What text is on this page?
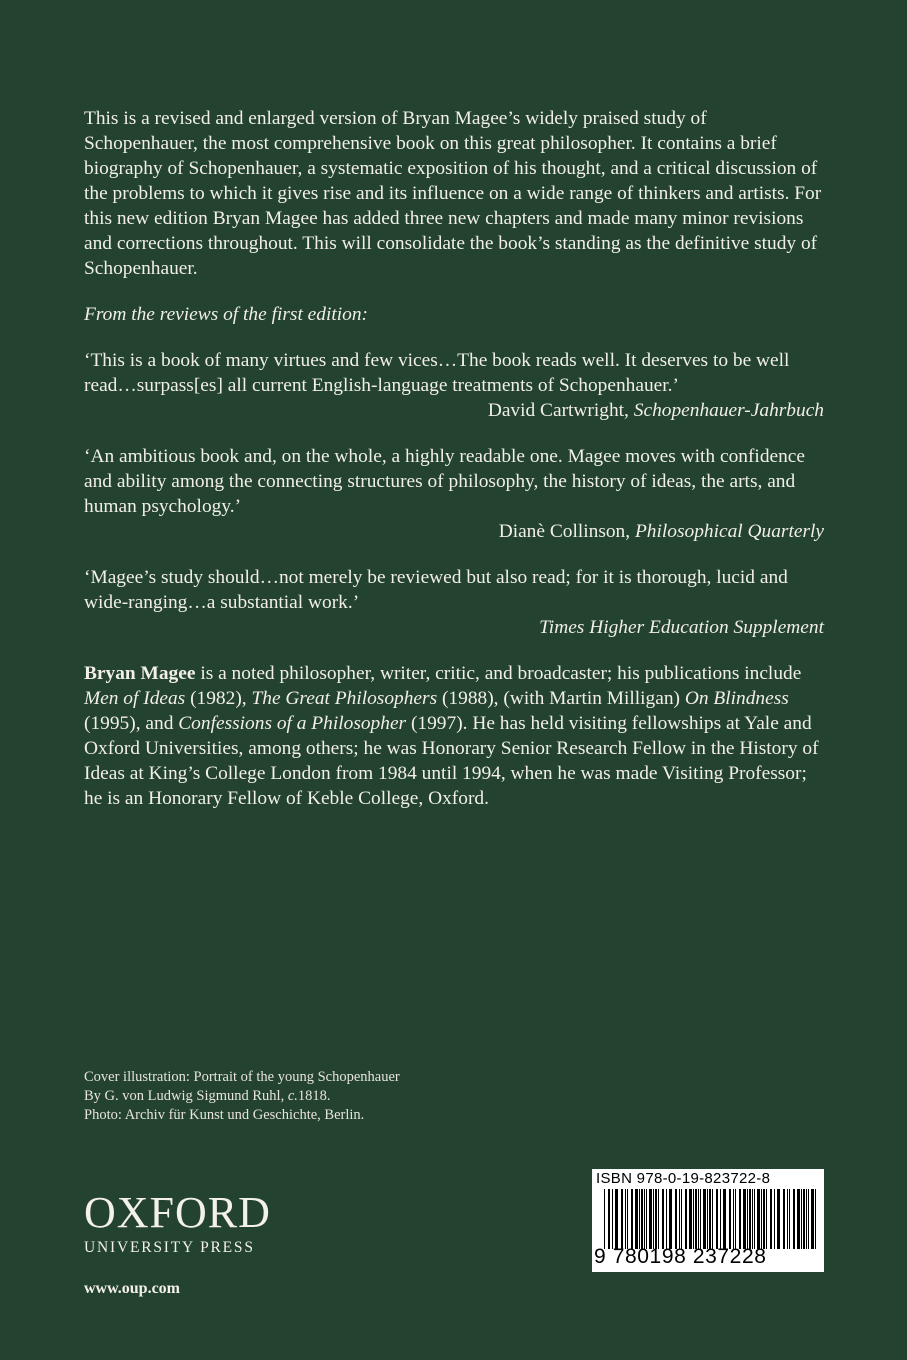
This is a revised and enlarged version of Bryan Magee’s widely praised study of Schopenhauer, the most comprehensive book on this great philosopher. It contains a brief biography of Schopenhauer, a systematic exposition of his thought, and a critical discussion of the problems to which it gives rise and its influence on a wide range of thinkers and artists. For this new edition Bryan Magee has added three new chapters and made many minor revisions and corrections throughout. This will consolidate the book’s standing as the definitive study of Schopenhauer.

From the reviews of the first edition:

‘This is a book of many virtues and few vices…The book reads well. It deserves to be well read…surpass[es] all current English-language treatments of Schopenhauer.’

David Cartwright, Schopenhauer-Jahrbuch

‘An ambitious book and, on the whole, a highly readable one. Magee moves with confidence and ability among the connecting structures of philosophy, the history of ideas, the arts, and human psychology.’

Dianè Collinson, Philosophical Quarterly

‘Magee’s study should…not merely be reviewed but also read; for it is thorough, lucid and wide-ranging…a substantial work.’

Times Higher Education Supplement

Bryan Magee is a noted philosopher, writer, critic, and broadcaster; his publications include Men of Ideas (1982), The Great Philosophers (1988), (with Martin Milligan) On Blindness (1995), and Confessions of a Philosopher (1997). He has held visiting fellowships at Yale and Oxford Universities, among others; he was Honorary Senior Research Fellow in the History of Ideas at King’s College London from 1984 until 1994, when he was made Visiting Professor; he is an Honorary Fellow of Keble College, Oxford.

Cover illustration: Portrait of the young Schopenhauer

By G. von Ludwig Sigmund Ruhl, c.1818.

Photo: Archiv für Kunst und Geschichte, Berlin.

OXFORD
UNIVERSITY PRESS
www.oup.com
ISBN 978-0-19-823722-8
9 780198 237228
